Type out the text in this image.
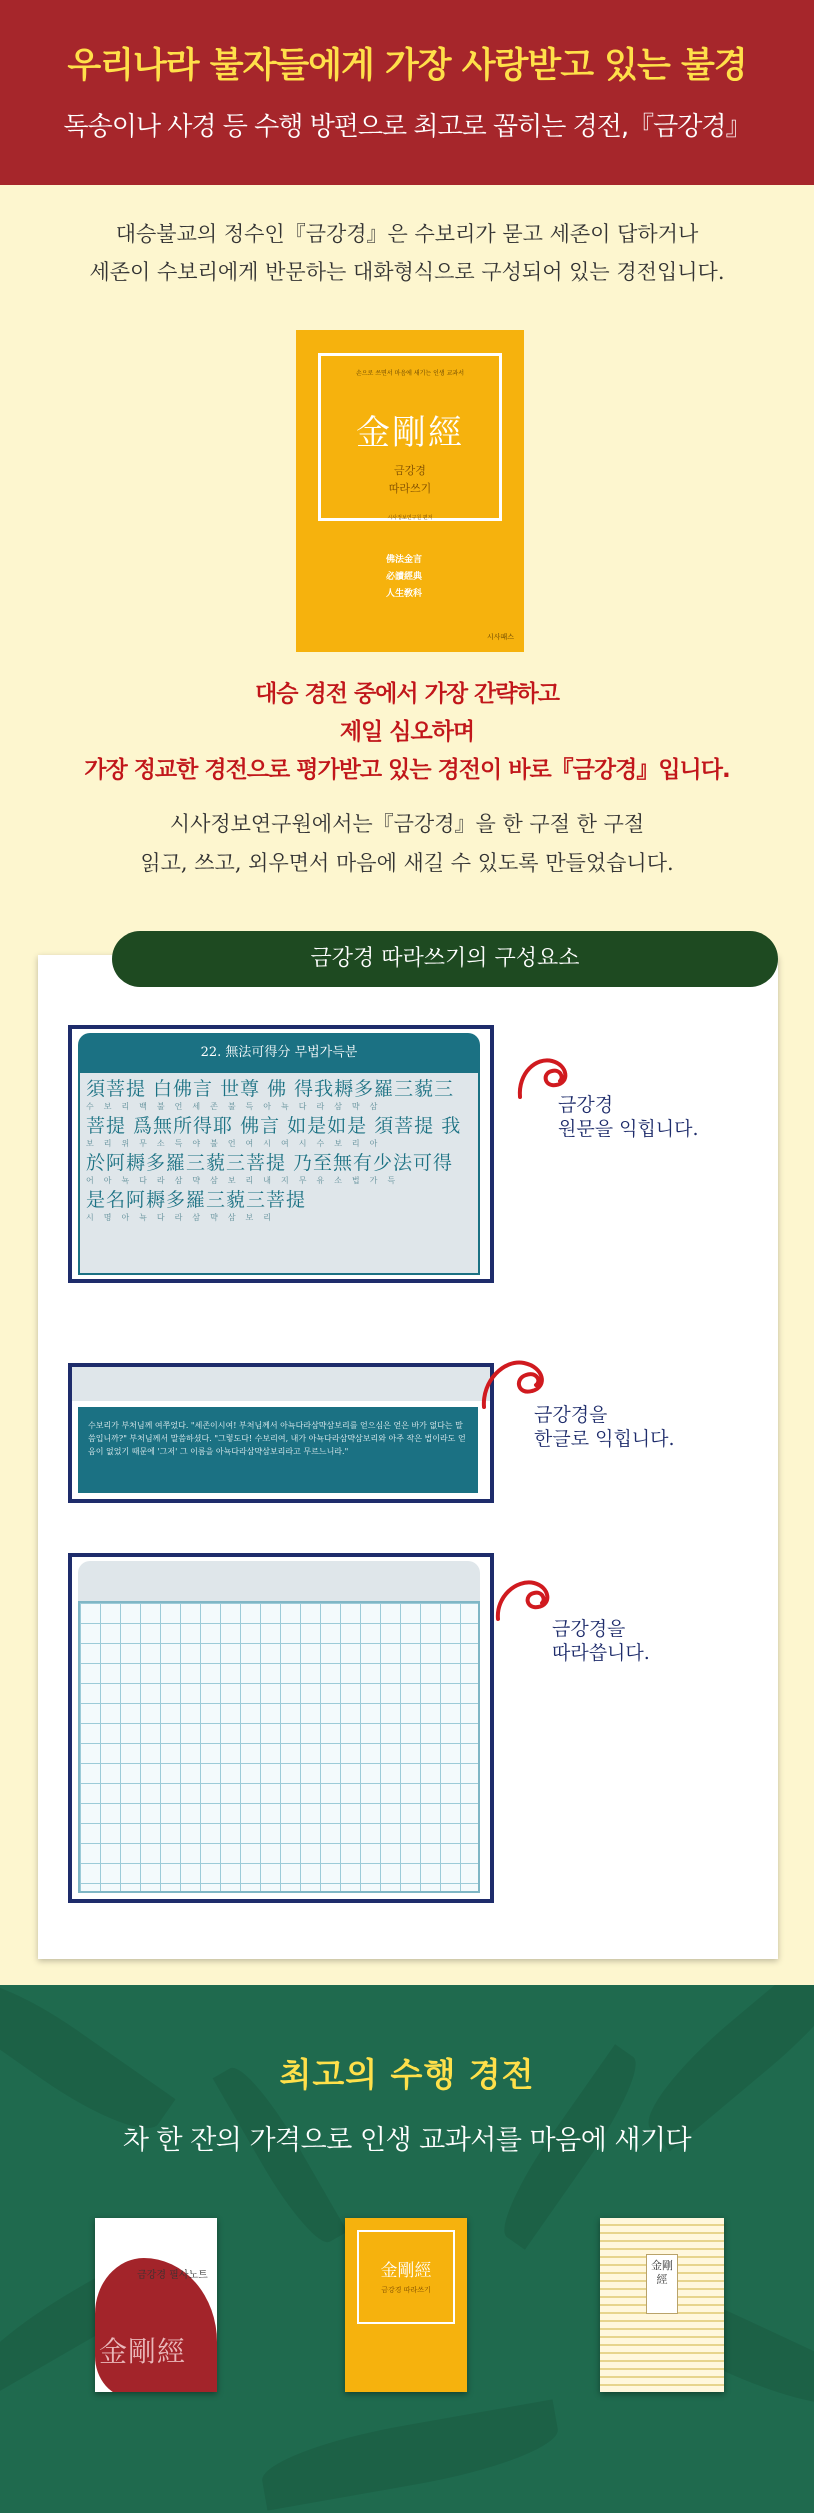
우리나라 불자들에게 가장 사랑받고 있는 불경

독송이나 사경 등 수행 방편으로 최고로 꼽히는 경전,『금강경』

대승불교의 정수인『금강경』은 수보리가 묻고 세존이 답하거나
세존이 수보리에게 반문하는 대화형식으로 구성되어 있는 경전입니다.
손으로 쓰면서 마음에 새기는 인생 교과서
金剛經
금강경
따라쓰기
시사정보연구원 편저
佛法金言
必讀經典
人生敎科
시사패스
대승 경전 중에서 가장 간략하고
제일 심오하며
가장 정교한 경전으로 평가받고 있는 경전이 바로『금강경』입니다.
시사정보연구원에서는『금강경』을 한 구절 한 구절
읽고, 쓰고, 외우면서 마음에 새길 수 있도록 만들었습니다.
금강경 따라쓰기의 구성요소
22. 無法可得分 무법가득분
須菩提 白佛言 世尊 佛 得我耨多羅三藐三
수보리백불언세존불득아뇩다라삼먁삼
菩提 爲無所得耶 佛言 如是如是 須菩提 我
보리위무소득야불언여시여시수보리아
於阿耨多羅三藐三菩提 乃至無有少法可得
어아뇩다라삼먁삼보리내지무유소법가득
是名阿耨多羅三藐三菩提
시명아뇩다라삼먁삼보리
금강경
원문을 익힙니다.
수보리가 부처님께 여쭈었다. "세존이시여! 부처님께서 아뇩다라삼먁삼보리를 얻으심은 얻은 바가 없다는 말씀입니까?" 부처님께서 말씀하셨다. "그렇도다! 수보리여, 내가 아뇩다라삼먁삼보리와 아주 작은 법이라도 얻음이 없었기 때문에 '그저' 그 이름을 아뇩다라삼먁삼보리라고 무르느니라."
금강경을
한글로 익힙니다.
금강경을
따라씁니다.
최고의 수행 경전

차 한 잔의 가격으로 인생 교과서를 마음에 새기다

금강경 필사노트
金剛經
金剛經
금강경 따라쓰기
金剛經
